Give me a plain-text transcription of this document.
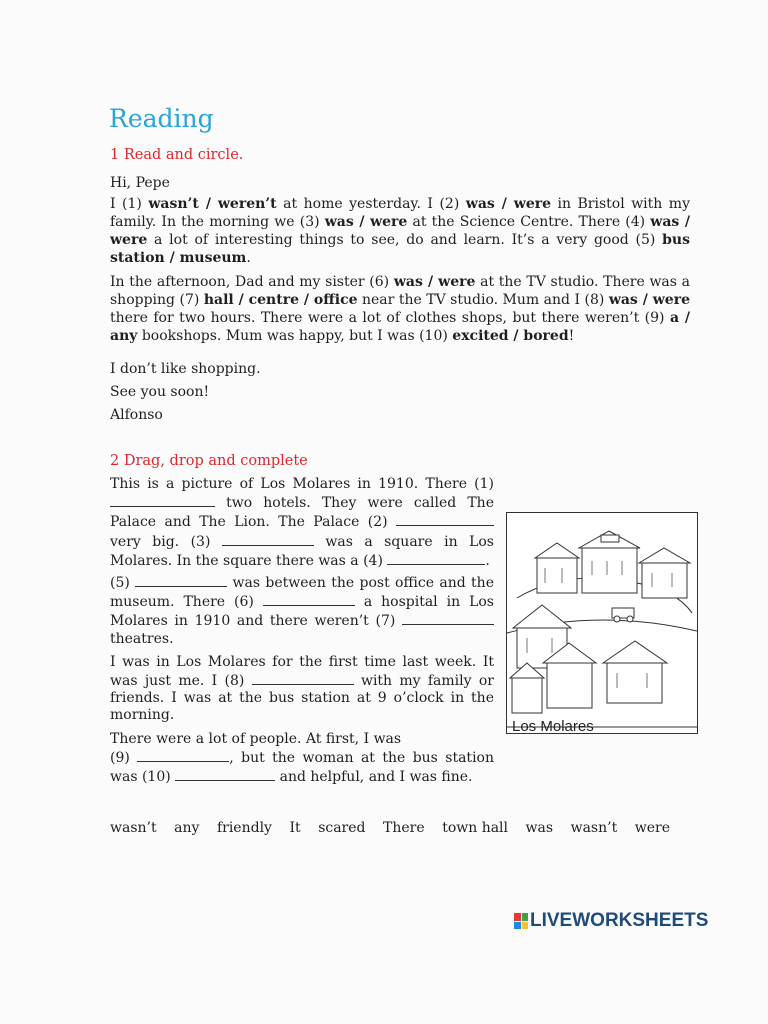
Reading
1 Read and circle.
Hi, Pepe
I (1) wasn’t / weren’t at home yesterday. I (2) was / were in Bristol with my family. In the morning we (3) was / were at the Science Centre. There (4) was / were a lot of interesting things to see, do and learn. It’s a very good (5) bus station / museum.
In the afternoon, Dad and my sister (6) was / were at the TV studio. There was a shopping (7) hall / centre / office near the TV studio. Mum and I (8) was / were there for two hours. There were a lot of clothes shops, but there weren’t (9) a / any bookshops. Mum was happy, but I was (10) excited / bored!
I don’t like shopping.
See you soon!
Alfonso
2 Drag, drop and complete

This is a picture of Los Molares in 1910. There (1)  two hotels. They were called The Palace and The Lion. The Palace (2)  very big. (3)	was a square in Los Molares. In the square there was a (4)	.

(5)	was between the post office and the museum. There (6)	a hospital in Los Molares in 1910 and there weren’t (7)  theatres.

I was in Los Molares for the first time last week. It was just me. I (8)	with my family or friends. I was at the bus station at 9 o’clock in the morning.

There were a lot of people. At first, I was
(9)	, but the woman at the bus station was (10)	and helpful, and I was fine.

Los Molares
wasn’t any friendly It scared There town hall was wasn’t were
LIVEWORKSHEETS
